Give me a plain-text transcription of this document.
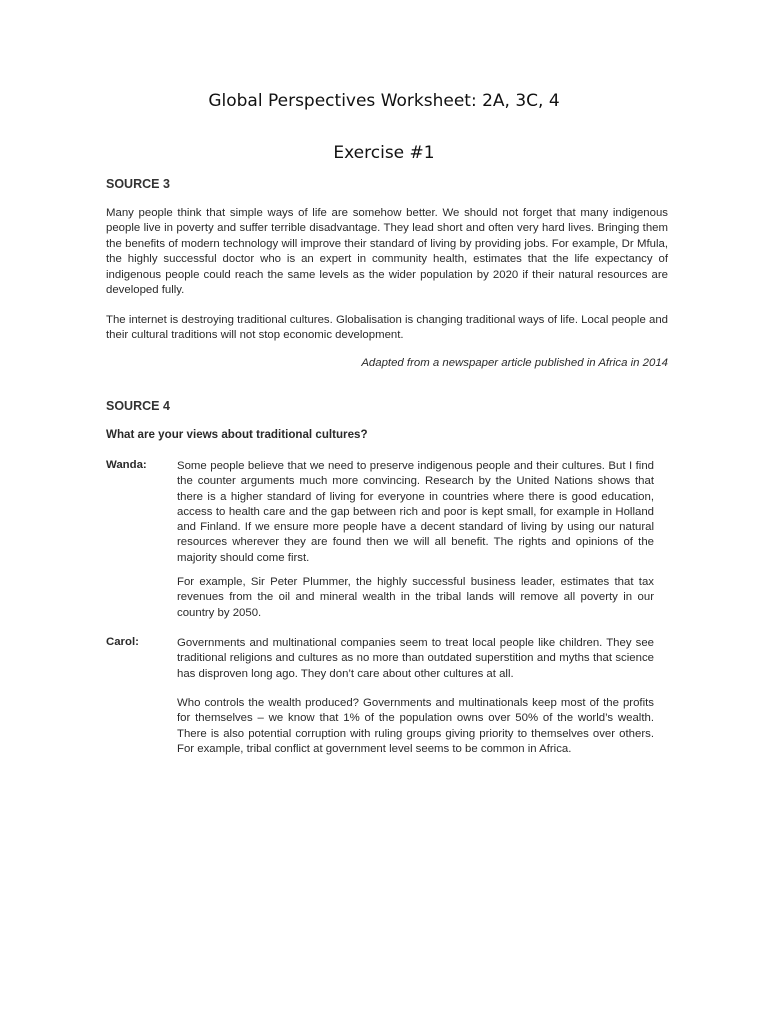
Global Perspectives Worksheet: 2A, 3C, 4
Exercise #1
SOURCE 3

Many people think that simple ways of life are somehow better. We should not forget that many indigenous people live in poverty and suffer terrible disadvantage. They lead short and often very hard lives. Bringing them the benefits of modern technology will improve their standard of living by providing jobs. For example, Dr Mfula, the highly successful doctor who is an expert in community health, estimates that the life expectancy of indigenous people could reach the same levels as the wider population by 2020 if their natural resources are developed fully.

The internet is destroying traditional cultures. Globalisation is changing traditional ways of life. Local people and their cultural traditions will not stop economic development.

Adapted from a newspaper article published in Africa in 2014
SOURCE 4
What are your views about traditional cultures?
Wanda:	Some people believe that we need to preserve indigenous people and their cultures. But I find the counter arguments much more convincing. Research by the United Nations shows that there is a higher standard of living for everyone in countries where there is good education, access to health care and the gap between rich and poor is kept small, for example in Holland and Finland. If we ensure more people have a decent standard of living by using our natural resources wherever they are found then we will all benefit. The rights and opinions of the majority should come first.

For example, Sir Peter Plummer, the highly successful business leader, estimates that tax revenues from the oil and mineral wealth in the tribal lands will remove all poverty in our country by 2050.

Carol:	Governments and multinational companies seem to treat local people like children. They see traditional religions and cultures as no more than outdated superstition and myths that science has disproven long ago. They don’t care about other cultures at all.

Who controls the wealth produced? Governments and multinationals keep most of the profits for themselves – we know that 1% of the population owns over 50% of the world’s wealth. There is also potential corruption with ruling groups giving priority to themselves over others. For example, tribal conflict at government level seems to be common in Africa.
